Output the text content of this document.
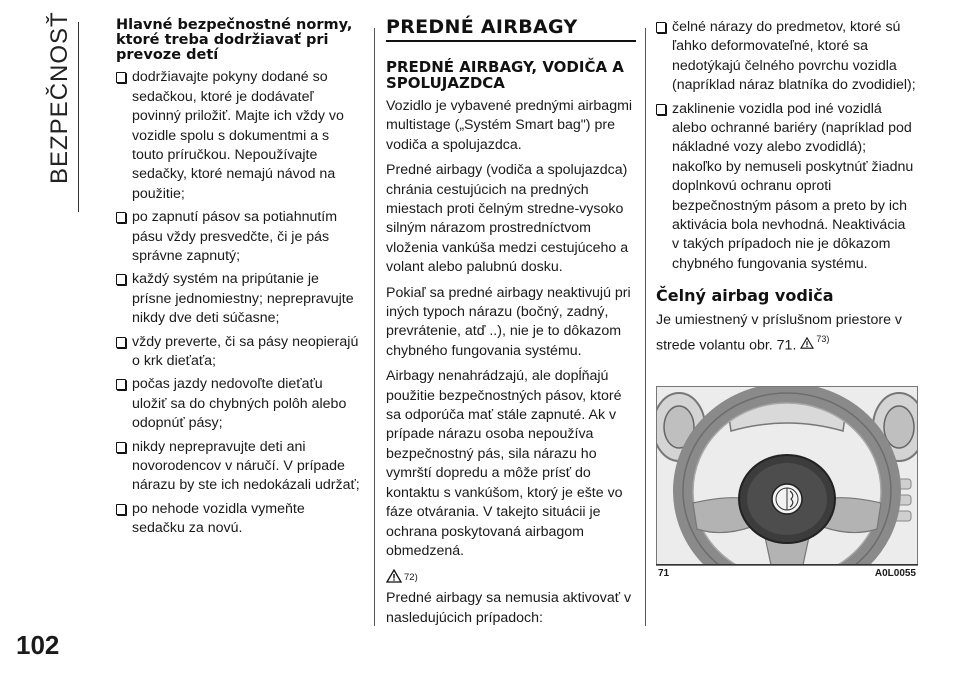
BEZPEČNOSŤ
102
Hlavné bezpečnostné normy, ktoré treba dodržiavať pri prevoze detí
dodržiavajte pokyny dodané so sedačkou, ktoré je dodávateľ povinný priložiť. Majte ich vždy vo vozidle spolu s dokumentmi a s touto príručkou. Nepoužívajte sedačky, ktoré nemajú návod na použitie;
po zapnutí pásov sa potiahnutím pásu vždy presvedčte, či je pás správne zapnutý;
každý systém na pripútanie je prísne jednomiestny; neprepravujte nikdy dve deti súčasne;
vždy preverte, či sa pásy neopierajú o krk dieťaťa;
počas jazdy nedovoľte dieťaťu uložiť sa do chybných polôh alebo odopnúť pásy;
nikdy neprepravujte deti ani novorodencov v náručí. V prípade nárazu by ste ich nedokázali udržať;
po nehode vozidla vymeňte sedačku za novú.
PREDNÉ AIRBAGY
PREDNÉ AIRBAGY, VODIČA A SPOLUJAZDCA

Vozidlo je vybavené prednými airbagmi multistage („Systém Smart bag") pre vodiča a spolujazdca.

Predné airbagy (vodiča a spolujazdca) chránia cestujúcich na predných miestach proti čelným stredne-vysoko silným nárazom prostredníctvom vloženia vankúša medzi cestujúceho a volant alebo palubnú dosku.

Pokiaľ sa predné airbagy neaktivujú pri iných typoch nárazu (bočný, zadný, prevrátenie, atď ..), nie je to dôkazom chybného fungovania systému.

Airbagy nenahrádzajú, ale dopĺňajú použitie bezpečnostných pásov, ktoré sa odporúča mať stále zapnuté. Ak v prípade nárazu osoba nepoužíva bezpečnostný pás, sila nárazu ho vymrští dopredu a môže prísť do kontaktu s vankúšom, ktorý je ešte vo fáze otvárania. V takejto situácii je ochrana poskytovaná airbagom obmedzená.

72)

Predné airbagy sa nemusia aktivovať v nasledujúcich prípadoch:

čelné nárazy do predmetov, ktoré sú ľahko deformovateľné, ktoré sa nedotýkajú čelného povrchu vozidla (napríklad náraz blatníka do zvodidiel);
zaklinenie vozidla pod iné vozidlá alebo ochranné bariéry (napríklad pod nákladné vozy alebo zvodidlá); nakoľko by nemuseli poskytnúť žiadnu doplnkovú ochranu oproti bezpečnostným pásom a preto by ich aktivácia bola nevhodná. Neaktivácia v takých prípadoch nie je dôkazom chybného fungovania systému.
Čelný airbag vodiča

Je umiestnený v príslušnom priestore v strede volantu obr. 71. 73)

71	A0L0055
